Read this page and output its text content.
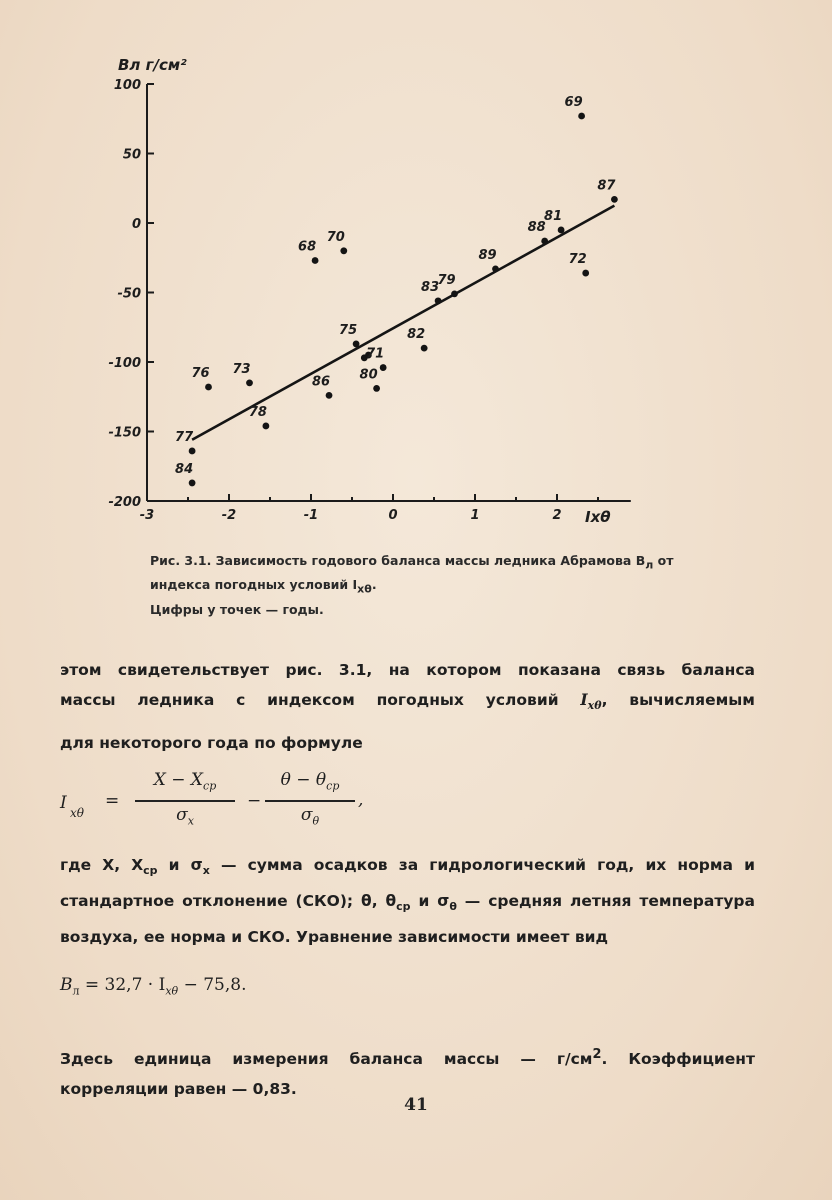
100
50
0
-50
-100
-150
-200
-3	-2	-1	0	1	2
69
87
81
88
72
89
68
70
83
79
75
71
80
82
76 73
86
78
77
84
Bл г/см²
Iхθ
Рис. 3.1. Зависимость годового баланса массы ледника Абрамова $B_л$ от индекса погодных условий $I_{x\theta}$.
Цифры у точек — годы.
этом свидетельствует рис. 3.1, на котором показана связь баланса
массы ледника с индексом погодных условий $I_{x\theta}$, вычисляемым
для некоторого года по формуле
I xθ
=
$X - X_{ср}$
$\sigma_x$
−
$\theta - \theta_{ср}$
$\sigma_\theta$
,
где X, $X_{ср}$ и $\sigma_x$ — сумма осадков за гидрологический год, их норма и стандартное отклонение (СКО); θ, $\theta_{ср}$ и $\sigma_\theta$ — средняя летняя температура воздуха, ее норма и СКО. Уравнение зависимости имеет вид
$B_л = 32,7 \cdot I_{x\theta} - 75,8$.
Здесь единица измерения баланса массы — $г/см^2$. Коэффициент корреляции равен — 0,83.
41
